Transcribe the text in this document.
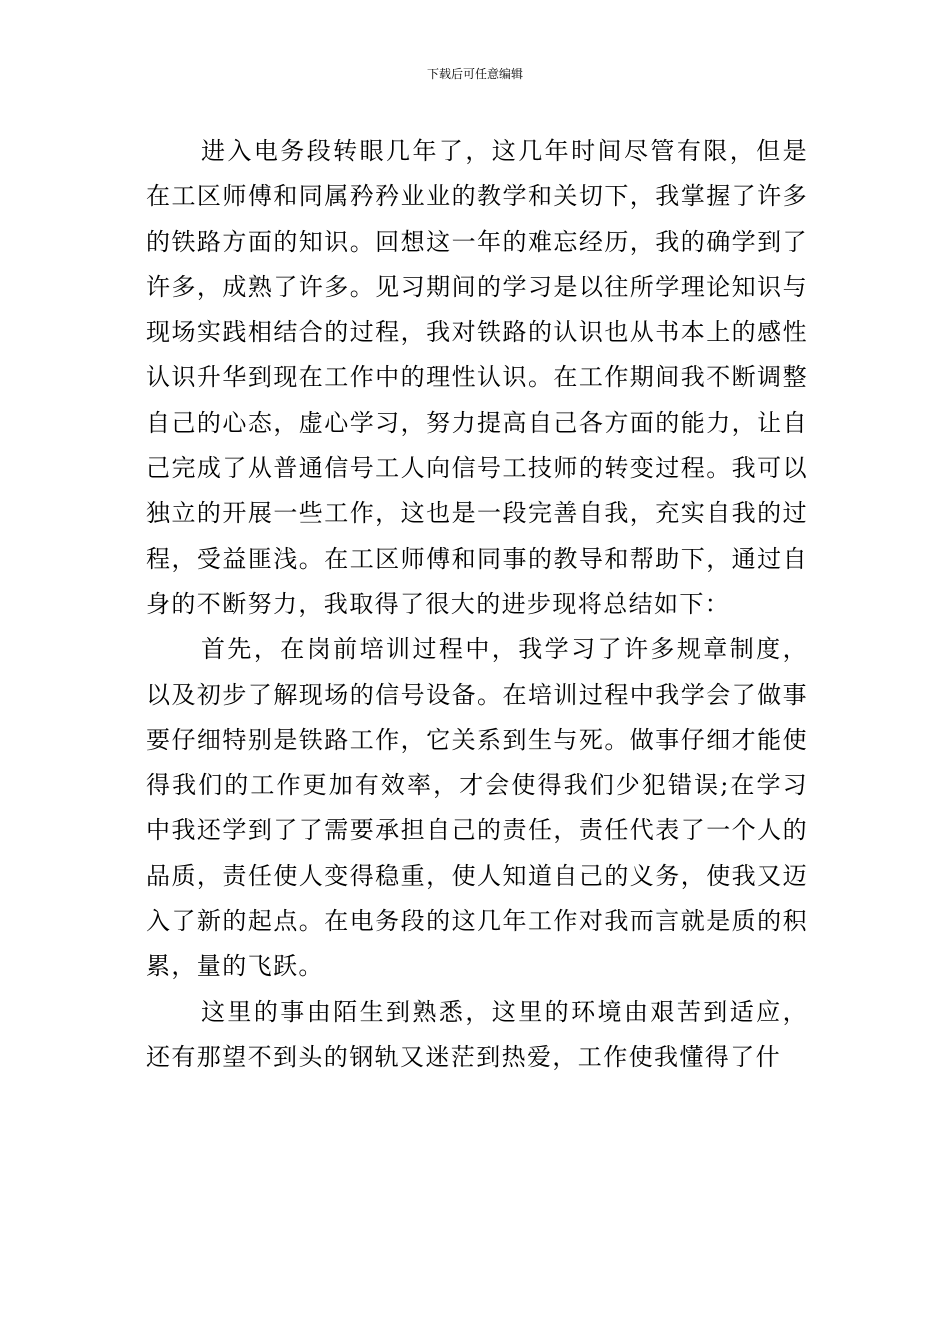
下载后可任意编辑

进入电务段转眼几年了，这几年时间尽管有限，但是在工区师傅和同属矜矜业业的教学和关切下，我掌握了许多的铁路方面的知识。回想这一年的难忘经历，我的确学到了许多，成熟了许多。见习期间的学习是以往所学理论知识与现场实践相结合的过程，我对铁路的认识也从书本上的感性认识升华到现在工作中的理性认识。在工作期间我不断调整自己的心态，虚心学习，努力提高自己各方面的能力，让自己完成了从普通信号工人向信号工技师的转变过程。我可以独立的开展一些工作，这也是一段完善自我，充实自我的过程，受益匪浅。在工区师傅和同事的教导和帮助下，通过自身的不断努力，我取得了很大的进步现将总结如下：

首先，在岗前培训过程中，我学习了许多规章制度，以及初步了解现场的信号设备。在培训过程中我学会了做事要仔细特别是铁路工作，它关系到生与死。做事仔细才能使得我们的工作更加有效率，才会使得我们少犯错误;在学习中我还学到了了需要承担自己的责任，责任代表了一个人的品质，责任使人变得稳重，使人知道自己的义务，使我又迈入了新的起点。在电务段的这几年工作对我而言就是质的积累，量的飞跃。

这里的事由陌生到熟悉，这里的环境由艰苦到适应，还有那望不到头的钢轨又迷茫到热爱，工作使我懂得了什
